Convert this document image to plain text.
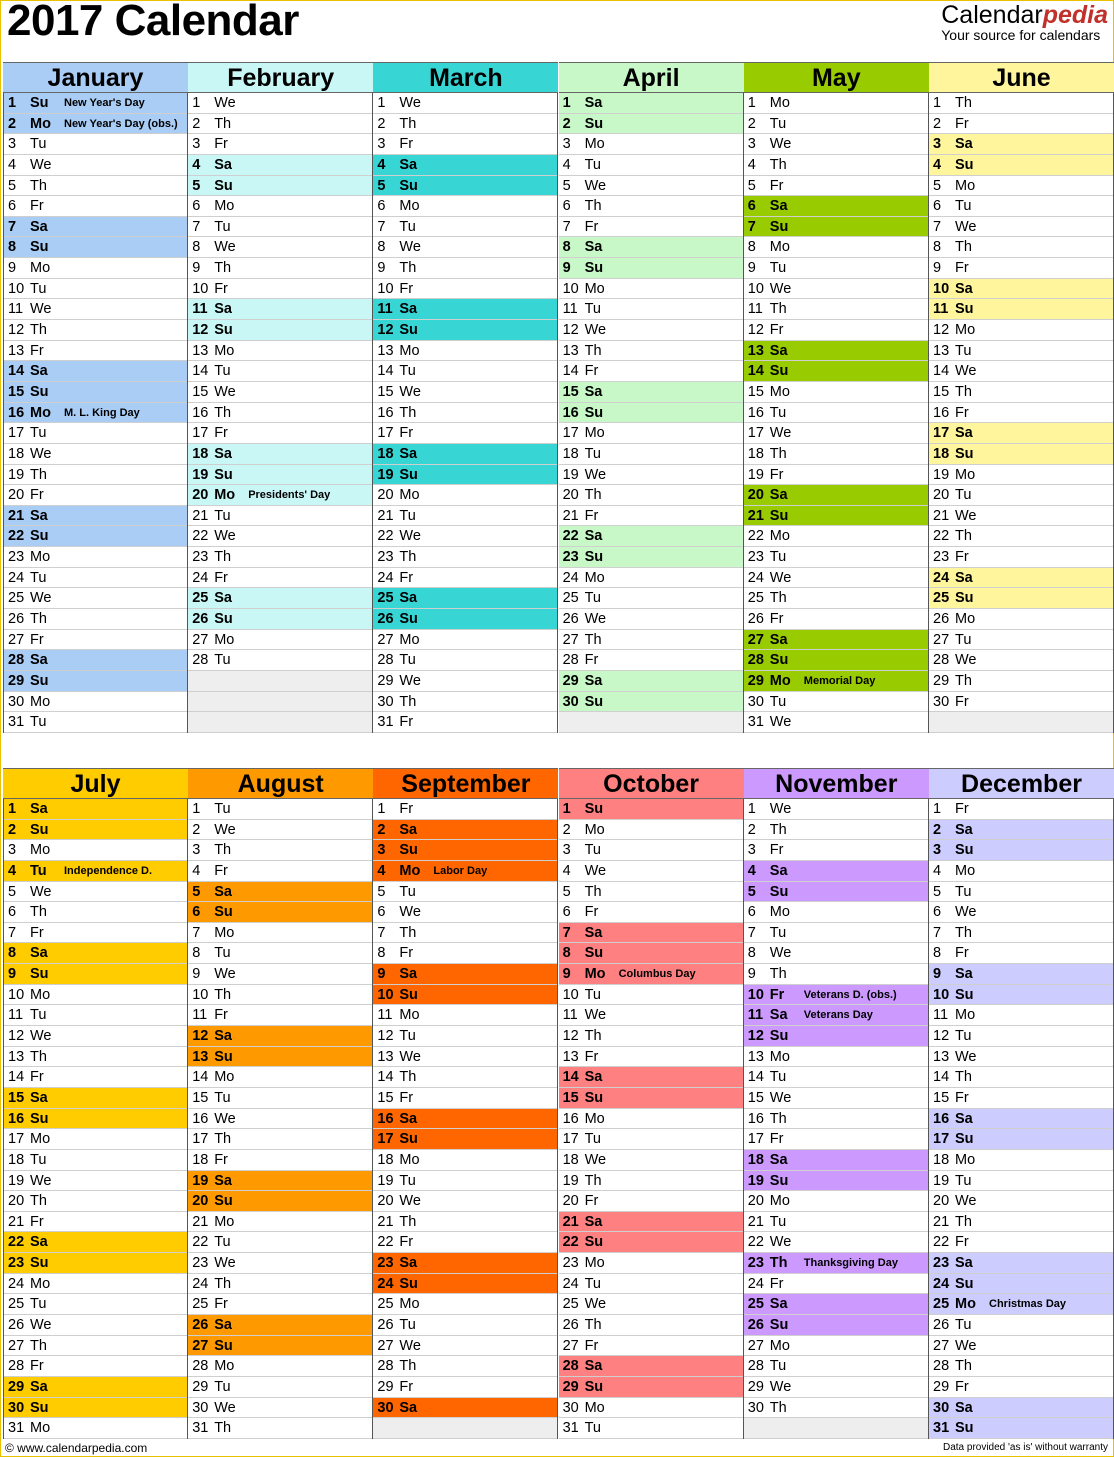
2017 Calendar	Calendarpedia
Your source for calendars
January
1 Su New Year's Day
2 Mo New Year's Day (obs.)
3 Tu
4 We
5 Th
6 Fr
7 Sa
8 Su
9 Mo
10 Tu
11 We
12 Th
13 Fr
14 Sa
15 Su
16 Mo M. L. King Day
17 Tu
18 We
19 Th
20 Fr
21 Sa
22 Su
23 Mo
24 Tu
25 We
26 Th
27 Fr
28 Sa
29 Su
30 Mo
31 Tu
February
1 We
2 Th
3 Fr
4 Sa
5 Su
6 Mo
7 Tu
8 We
9 Th
10 Fr
11 Sa
12 Su
13 Mo
14 Tu
15 We
16 Th
17 Fr
18 Sa
19 Su
20 Mo Presidents' Day
21 Tu
22 We
23 Th
24 Fr
25 Sa
26 Su
27 Mo
28 Tu
March
1 We
2 Th
3 Fr
4 Sa
5 Su
6 Mo
7 Tu
8 We
9 Th
10 Fr
11 Sa
12 Su
13 Mo
14 Tu
15 We
16 Th
17 Fr
18 Sa
19 Su
20 Mo
21 Tu
22 We
23 Th
24 Fr
25 Sa
26 Su
27 Mo
28 Tu
29 We
30 Th
31 Fr
April
1 Sa
2 Su
3 Mo
4 Tu
5 We
6 Th
7 Fr
8 Sa
9 Su
10 Mo
11 Tu
12 We
13 Th
14 Fr
15 Sa
16 Su
17 Mo
18 Tu
19 We
20 Th
21 Fr
22 Sa
23 Su
24 Mo
25 Tu
26 We
27 Th
28 Fr
29 Sa
30 Su
May
1 Mo
2 Tu
3 We
4 Th
5 Fr
6 Sa
7 Su
8 Mo
9 Tu
10 We
11 Th
12 Fr
13 Sa
14 Su
15 Mo
16 Tu
17 We
18 Th
19 Fr
20 Sa
21 Su
22 Mo
23 Tu
24 We
25 Th
26 Fr
27 Sa
28 Su
29 Mo Memorial Day
30 Tu
31 We
June
1 Th
2 Fr
3 Sa
4 Su
5 Mo
6 Tu
7 We
8 Th
9 Fr
10 Sa
11 Su
12 Mo
13 Tu
14 We
15 Th
16 Fr
17 Sa
18 Su
19 Mo
20 Tu
21 We
22 Th
23 Fr
24 Sa
25 Su
26 Mo
27 Tu
28 We
29 Th
30 Fr
July
1 Sa
2 Su
3 Mo
4 Tu Independence D.
5 We
6 Th
7 Fr
8 Sa
9 Su
10 Mo
11 Tu
12 We
13 Th
14 Fr
15 Sa
16 Su
17 Mo
18 Tu
19 We
20 Th
21 Fr
22 Sa
23 Su
24 Mo
25 Tu
26 We
27 Th
28 Fr
29 Sa
30 Su
31 Mo
August
1 Tu
2 We
3 Th
4 Fr
5 Sa
6 Su
7 Mo
8 Tu
9 We
10 Th
11 Fr
12 Sa
13 Su
14 Mo
15 Tu
16 We
17 Th
18 Fr
19 Sa
20 Su
21 Mo
22 Tu
23 We
24 Th
25 Fr
26 Sa
27 Su
28 Mo
29 Tu
30 We
31 Th
September
1 Fr
2 Sa
3 Su
4 Mo Labor Day
5 Tu
6 We
7 Th
8 Fr
9 Sa
10 Su
11 Mo
12 Tu
13 We
14 Th
15 Fr
16 Sa
17 Su
18 Mo
19 Tu
20 We
21 Th
22 Fr
23 Sa
24 Su
25 Mo
26 Tu
27 We
28 Th
29 Fr
30 Sa
October
1 Su
2 Mo
3 Tu
4 We
5 Th
6 Fr
7 Sa
8 Su
9 Mo Columbus Day
10 Tu
11 We
12 Th
13 Fr
14 Sa
15 Su
16 Mo
17 Tu
18 We
19 Th
20 Fr
21 Sa
22 Su
23 Mo
24 Tu
25 We
26 Th
27 Fr
28 Sa
29 Su
30 Mo
31 Tu
November
1 We
2 Th
3 Fr
4 Sa
5 Su
6 Mo
7 Tu
8 We
9 Th
10 Fr Veterans D. (obs.)
11 Sa Veterans Day
12 Su
13 Mo
14 Tu
15 We
16 Th
17 Fr
18 Sa
19 Su
20 Mo
21 Tu
22 We
23 Th Thanksgiving Day
24 Fr
25 Sa
26 Su
27 Mo
28 Tu
29 We
30 Th
December
1 Fr
2 Sa
3 Su
4 Mo
5 Tu
6 We
7 Th
8 Fr
9 Sa
10 Su
11 Mo
12 Tu
13 We
14 Th
15 Fr
16 Sa
17 Su
18 Mo
19 Tu
20 We
21 Th
22 Fr
23 Sa
24 Su
25 Mo Christmas Day
26 Tu
27 We
28 Th
29 Fr
30 Sa
31 Su
© www.calendarpedia.com	Data provided 'as is' without warranty
